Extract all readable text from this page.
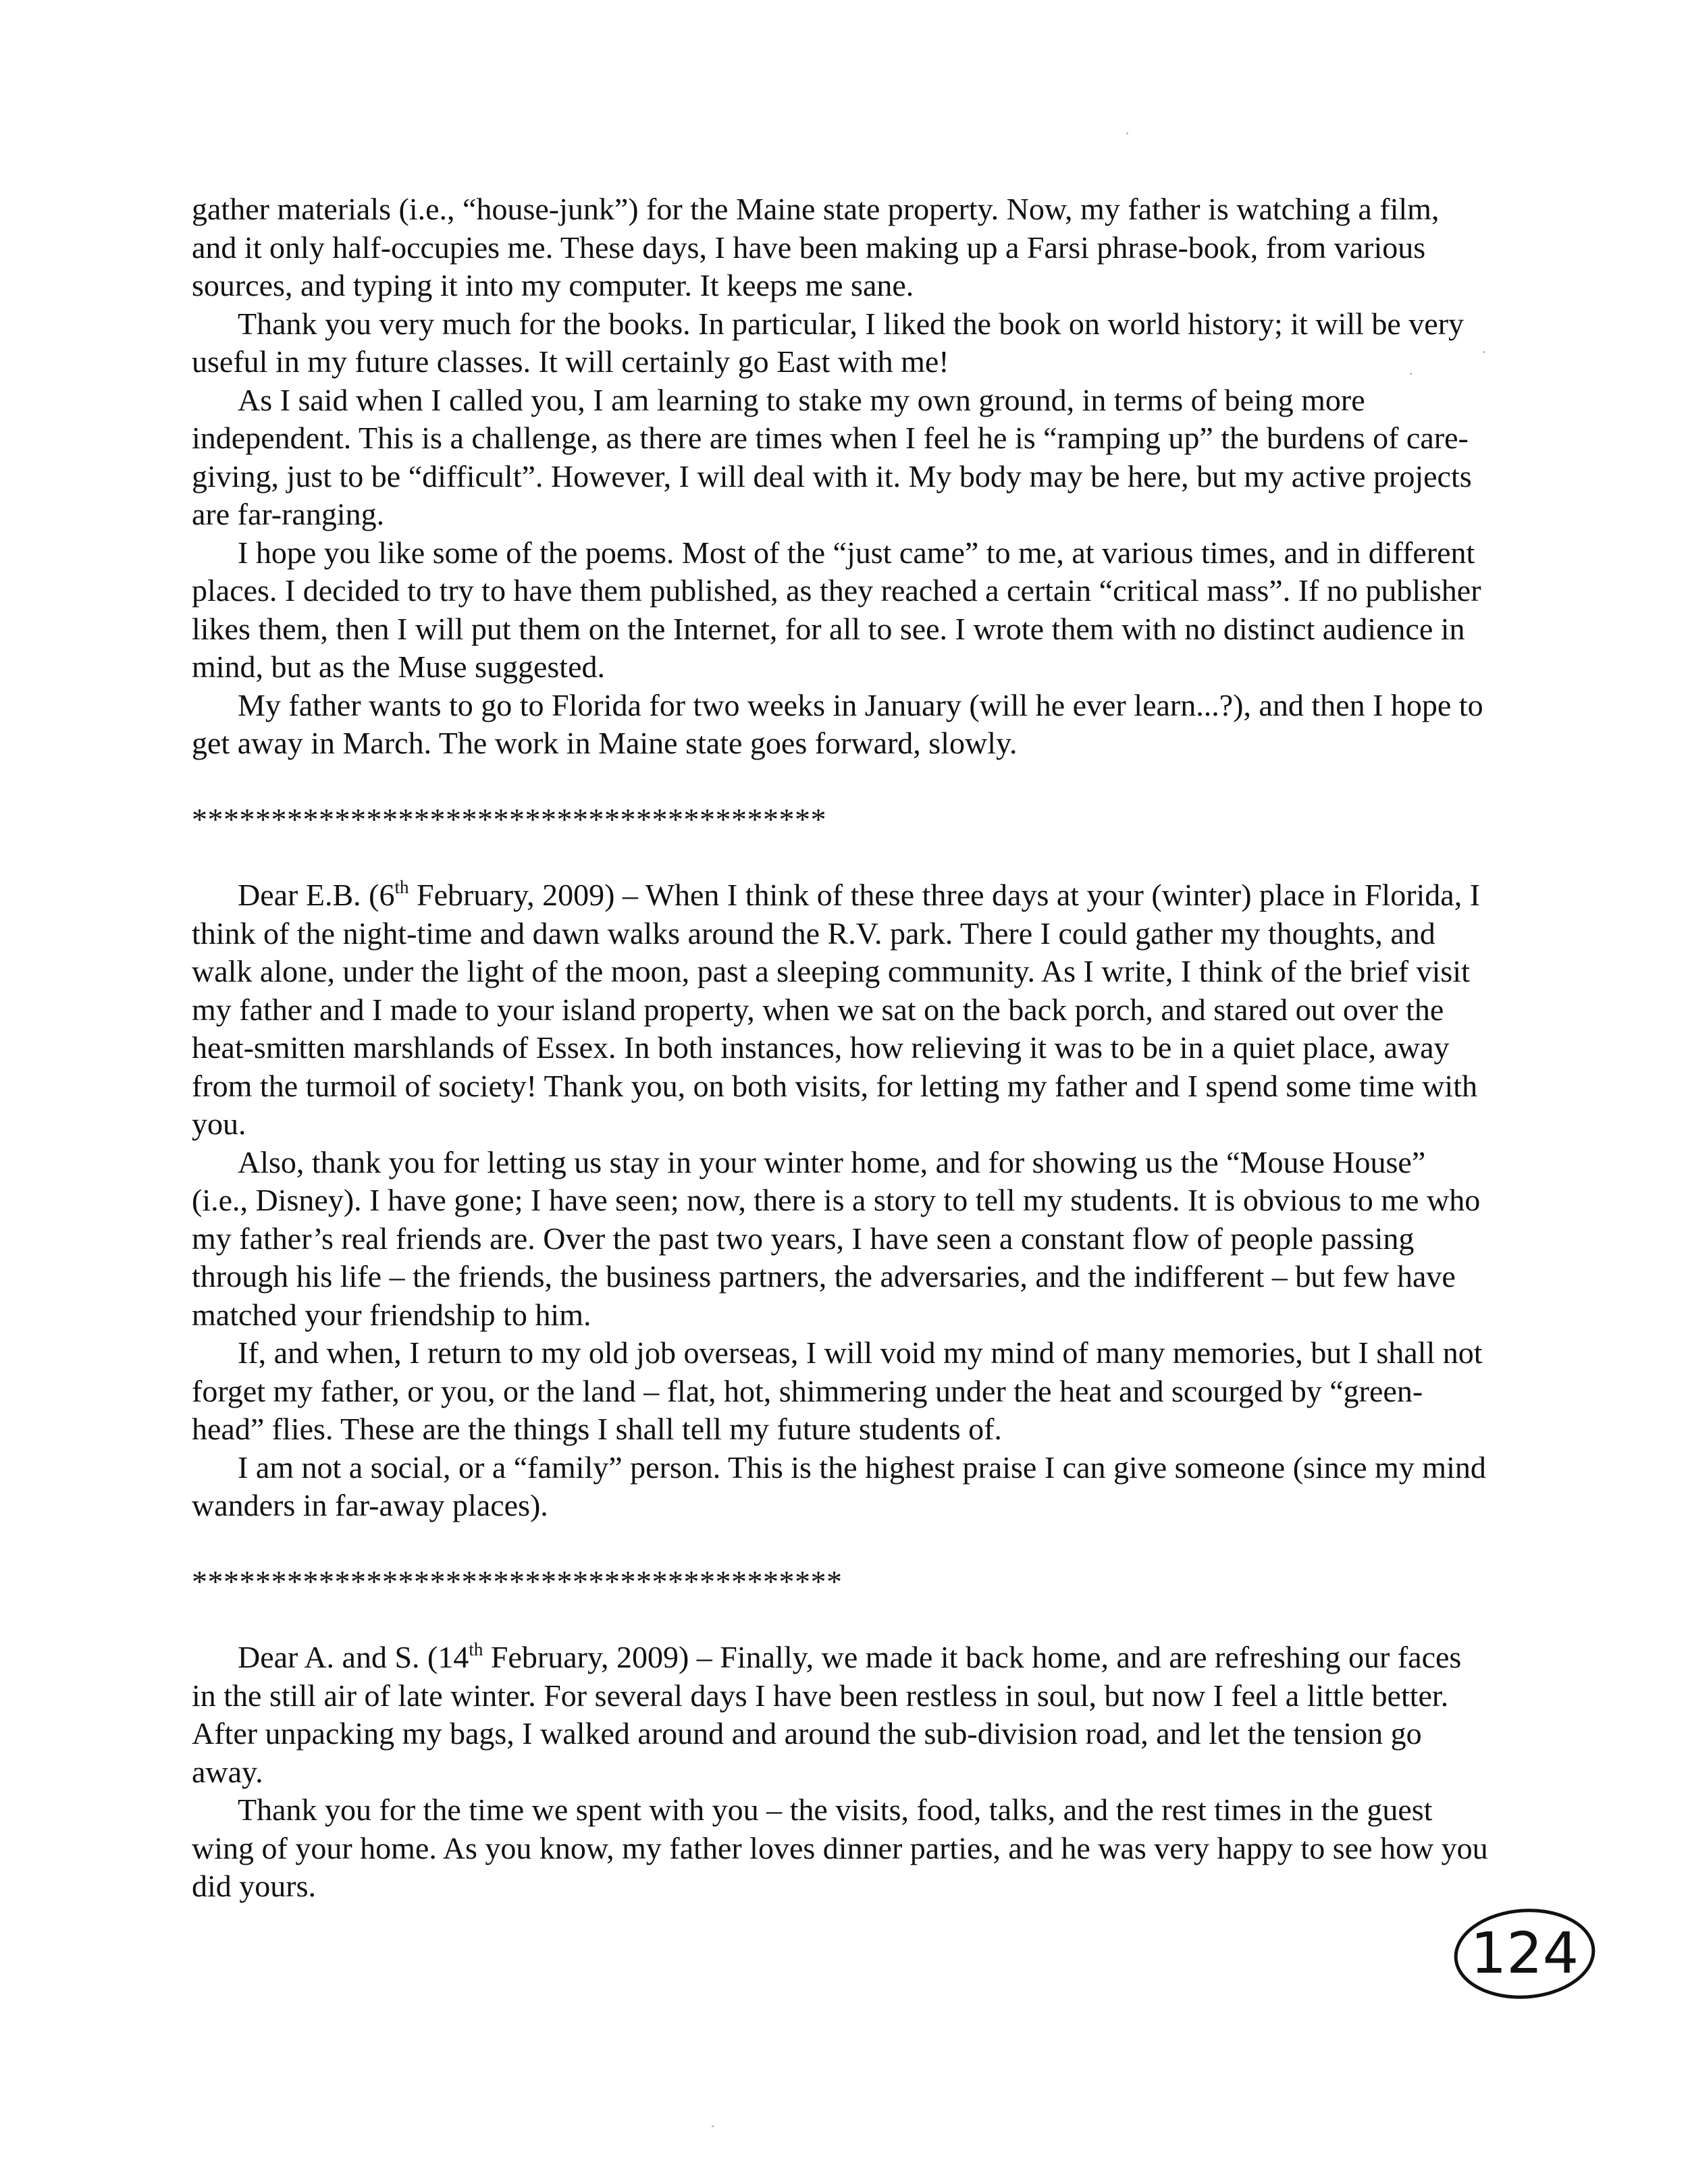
gather materials (i.e., “house-junk”) for the Maine state property. Now, my father is watching a film, and it only half-occupies me. These days, I have been making up a Farsi phrase-book, from various sources, and typing it into my computer. It keeps me sane.

Thank you very much for the books. In particular, I liked the book on world history; it will be very useful in my future classes. It will certainly go East with me!

As I said when I called you, I am learning to stake my own ground, in terms of being more independent. This is a challenge, as there are times when I feel he is “ramping up” the burdens of care-giving, just to be “difficult”. However, I will deal with it. My body may be here, but my active projects are far-ranging.

I hope you like some of the poems. Most of the “just came” to me, at various times, and in different places. I decided to try to have them published, as they reached a certain “critical mass”. If no publisher likes them, then I will put them on the Internet, for all to see. I wrote them with no distinct audience in mind, but as the Muse suggested.

My father wants to go to Florida for two weeks in January (will he ever learn...?), and then I hope to get away in March. The work in Maine state goes forward, slowly.

****************************************

Dear E.B. (6th February, 2009) – When I think of these three days at your (winter) place in Florida, I think of the night-time and dawn walks around the R.V. park. There I could gather my thoughts, and walk alone, under the light of the moon, past a sleeping community. As I write, I think of the brief visit my father and I made to your island property, when we sat on the back porch, and stared out over the heat-smitten marshlands of Essex. In both instances, how relieving it was to be in a quiet place, away from the turmoil of society! Thank you, on both visits, for letting my father and I spend some time with you.

Also, thank you for letting us stay in your winter home, and for showing us the “Mouse House” (i.e., Disney). I have gone; I have seen; now, there is a story to tell my students. It is obvious to me who my father’s real friends are. Over the past two years, I have seen a constant flow of people passing through his life – the friends, the business partners, the adversaries, and the indifferent – but few have matched your friendship to him.

If, and when, I return to my old job overseas, I will void my mind of many memories, but I shall not forget my father, or you, or the land – flat, hot, shimmering under the heat and scourged by “green-head” flies. These are the things I shall tell my future students of.

I am not a social, or a “family” person. This is the highest praise I can give someone (since my mind wanders in far-away places).

*****************************************

Dear A. and S. (14th February, 2009) – Finally, we made it back home, and are refreshing our faces in the still air of late winter. For several days I have been restless in soul, but now I feel a little better. After unpacking my bags, I walked around and around the sub-division road, and let the tension go away.

Thank you for the time we spent with you – the visits, food, talks, and the rest times in the guest wing of your home. As you know, my father loves dinner parties, and he was very happy to see how you did yours.

124
